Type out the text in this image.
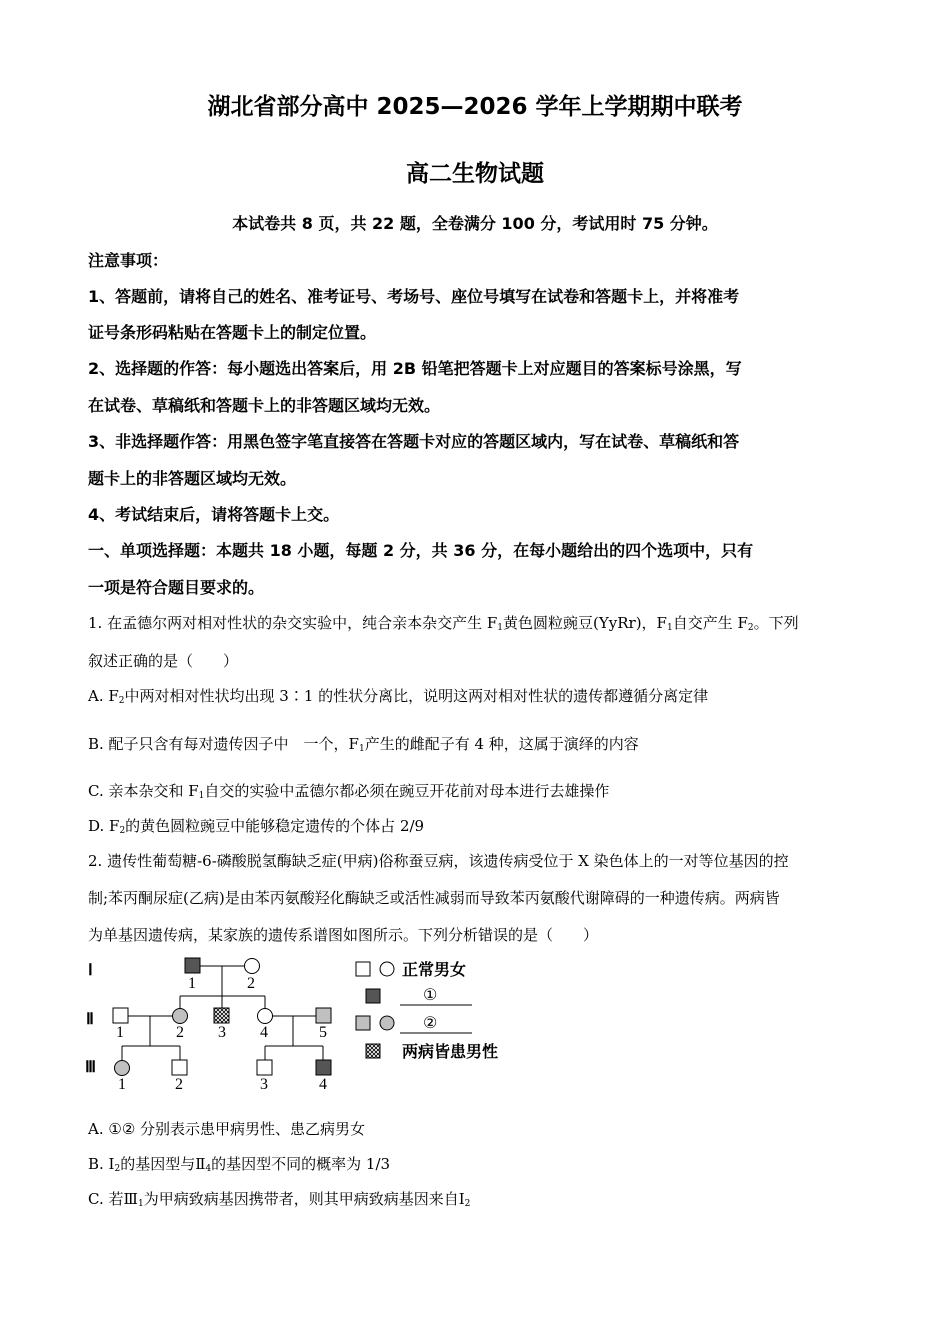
湖北省部分高中 2025—2026 学年上学期期中联考
高二生物试题
本试卷共 8 页，共 22 题，全卷满分 100 分，考试用时 75 分钟。
注意事项：
1、答题前，请将自己的姓名、准考证号、考场号、座位号填写在试卷和答题卡上，并将准考
证号条形码粘贴在答题卡上的制定位置。
2、选择题的作答：每小题选出答案后，用 2B 铅笔把答题卡上对应题目的答案标号涂黑，写
在试卷、草稿纸和答题卡上的非答题区域均无效。
3、非选择题作答：用黑色签字笔直接答在答题卡对应的答题区域内，写在试卷、草稿纸和答
题卡上的非答题区域均无效。
4、考试结束后，请将答题卡上交。
一、单项选择题：本题共 18 小题，每题 2 分，共 36 分，在每小题给出的四个选项中，只有
一项是符合题目要求的。
1. 在孟德尔两对相对性状的杂交实验中，纯合亲本杂交产生 $F_1$黄色圆粒豌豆(YyRr)，$F_1$自交产生 $F_2$。下列
叙述正确的是（　　）
A. $F_2$中两对相对性状均出现 3∶1 的性状分离比，说明这两对相对性状的遗传都遵循分离定律
B. 配子只含有每对遗传因子中　一个，$F_1$产生的雌配子有 4 种，这属于演绎的内容
C. 亲本杂交和 $F_1$自交的实验中孟德尔都必须在豌豆开花前对母本进行去雄操作
D. $F_2$的黄色圆粒豌豆中能够稳定遗传的个体占 2/9
2. 遗传性葡萄糖-6-磷酸脱氢酶缺乏症(甲病)俗称蚕豆病，该遗传病受位于 X 染色体上的一对等位基因的控
制;苯丙酮尿症(乙病)是由苯丙氨酸羟化酶缺乏或活性减弱而导致苯丙氨酸代谢障碍的一种遗传病。两病皆
为单基因遗传病，某家族的遗传系谱图如图所示。下列分析错误的是（　　）
Ⅰ
Ⅱ
Ⅲ
1	2
1	2 3 4	5
1	2	3	4
正常男女
①
②
两病皆患男性
A. ①② 分别表示患甲病男性、患乙病男女
B. $Ⅰ_2$的基因型与$Ⅱ_4$的基因型不同的概率为 1/3
C. 若$Ⅲ_1$为甲病致病基因携带者，则其甲病致病基因来自$Ⅰ_2$
